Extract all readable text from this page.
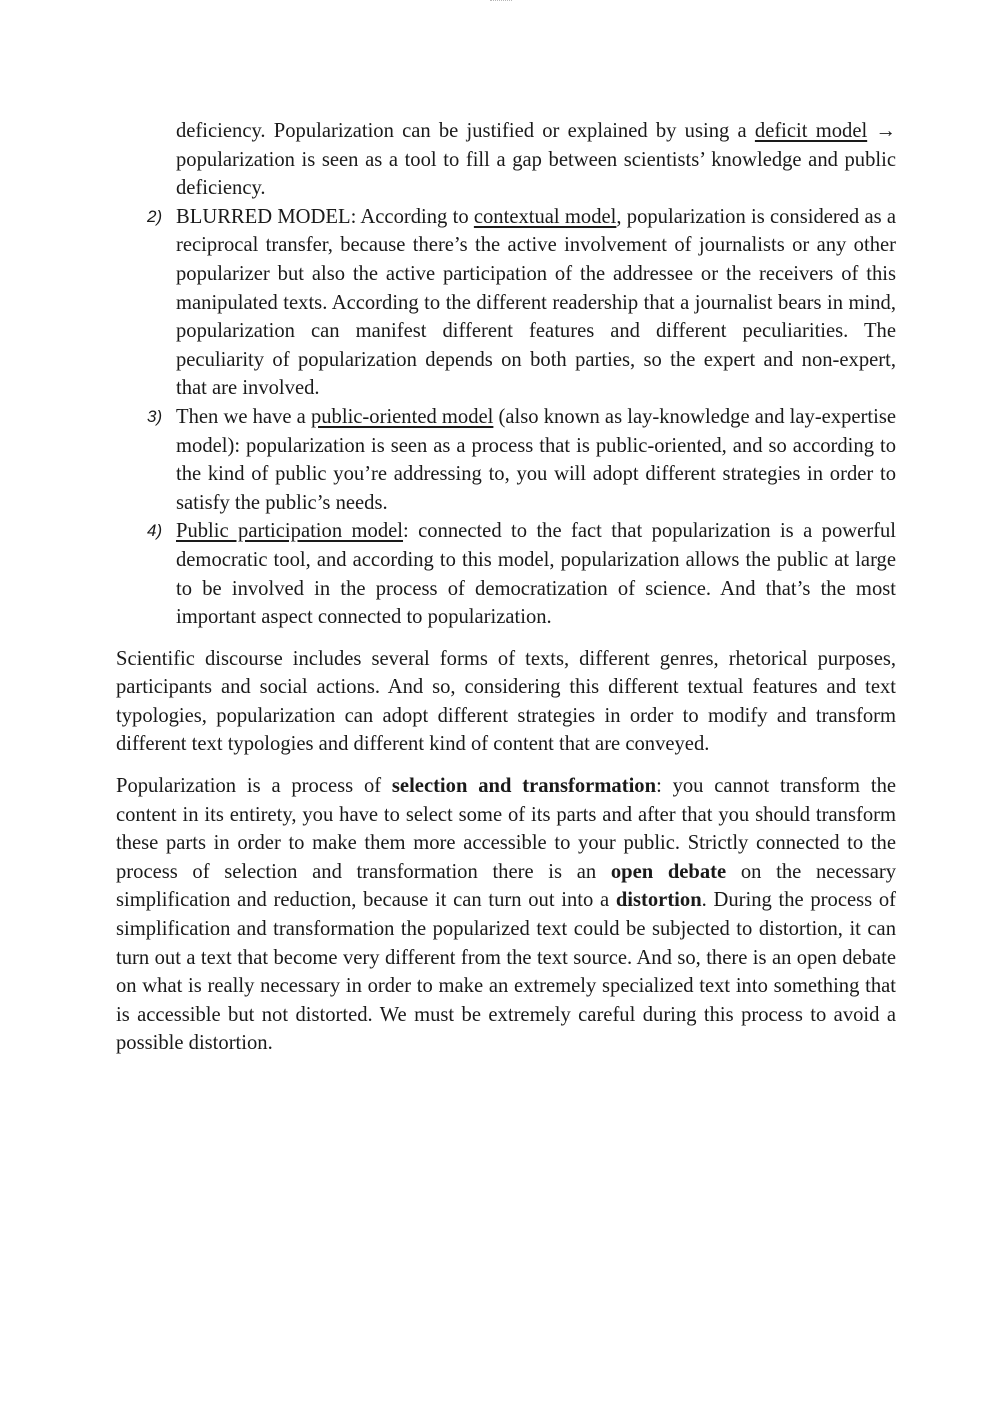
deficiency. Popularization can be justified or explained by using a deficit model → popularization is seen as a tool to fill a gap between scientists’ knowledge and public deficiency.
2) BLURRED MODEL: According to contextual model, popularization is considered as a reciprocal transfer, because there’s the active involvement of journalists or any other popularizer but also the active participation of the addressee or the receivers of this manipulated texts. According to the different readership that a journalist bears in mind, popularization can manifest different features and different peculiarities. The peculiarity of popularization depends on both parties, so the expert and non-expert, that are involved.
3) Then we have a public-oriented model (also known as lay-knowledge and lay-expertise model): popularization is seen as a process that is public-oriented, and so according to the kind of public you’re addressing to, you will adopt different strategies in order to satisfy the public’s needs.
4) Public participation model: connected to the fact that popularization is a powerful democratic tool, and according to this model, popularization allows the public at large to be involved in the process of democratization of science. And that’s the most important aspect connected to popularization.
Scientific discourse includes several forms of texts, different genres, rhetorical purposes, participants and social actions. And so, considering this different textual features and text typologies, popularization can adopt different strategies in order to modify and transform different text typologies and different kind of content that are conveyed.
Popularization is a process of selection and transformation: you cannot transform the content in its entirety, you have to select some of its parts and after that you should transform these parts in order to make them more accessible to your public. Strictly connected to the process of selection and transformation there is an open debate on the necessary simplification and reduction, because it can turn out into a distortion. During the process of simplification and transformation the popularized text could be subjected to distortion, it can turn out a text that become very different from the text source. And so, there is an open debate on what is really necessary in order to make an extremely specialized text into something that is accessible but not distorted. We must be extremely careful during this process to avoid a possible distortion.
